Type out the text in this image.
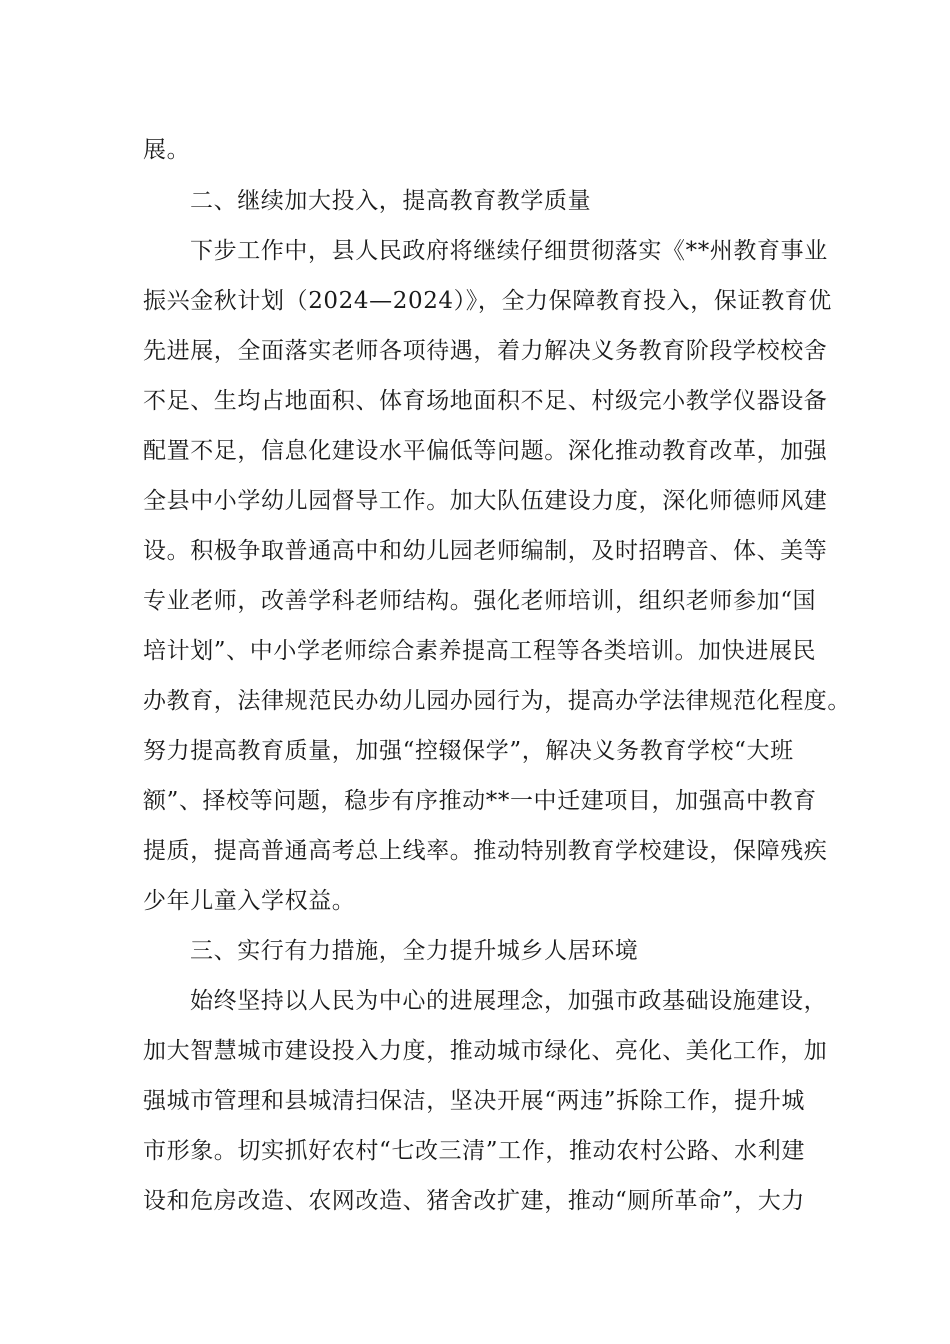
展。
二、继续加大投入，提高教育教学质量
下步工作中，县人民政府将继续仔细贯彻落实《**州教育事业
振兴金秋计划（2024—2024）》，全力保障教育投入，保证教育优
先进展，全面落实老师各项待遇，着力解决义务教育阶段学校校舍
不足、生均占地面积、体育场地面积不足、村级完小教学仪器设备
配置不足，信息化建设水平偏低等问题。深化推动教育改革，加强
全县中小学幼儿园督导工作。加大队伍建设力度，深化师德师风建
设。积极争取普通高中和幼儿园老师编制，及时招聘音、体、美等
专业老师，改善学科老师结构。强化老师培训，组织老师参加“国
培计划”、中小学老师综合素养提高工程等各类培训。加快进展民
办教育，法律规范民办幼儿园办园行为，提高办学法律规范化程度。
努力提高教育质量，加强“控辍保学”，解决义务教育学校“大班
额”、择校等问题，稳步有序推动**一中迁建项目，加强高中教育
提质，提高普通高考总上线率。推动特别教育学校建设，保障残疾
少年儿童入学权益。
三、实行有力措施，全力提升城乡人居环境
始终坚持以人民为中心的进展理念，加强市政基础设施建设，
加大智慧城市建设投入力度，推动城市绿化、亮化、美化工作，加
强城市管理和县城清扫保洁，坚决开展“两违”拆除工作，提升城
市形象。切实抓好农村“七改三清”工作，推动农村公路、水利建
设和危房改造、农网改造、猪舍改扩建，推动“厕所革命”，大力
